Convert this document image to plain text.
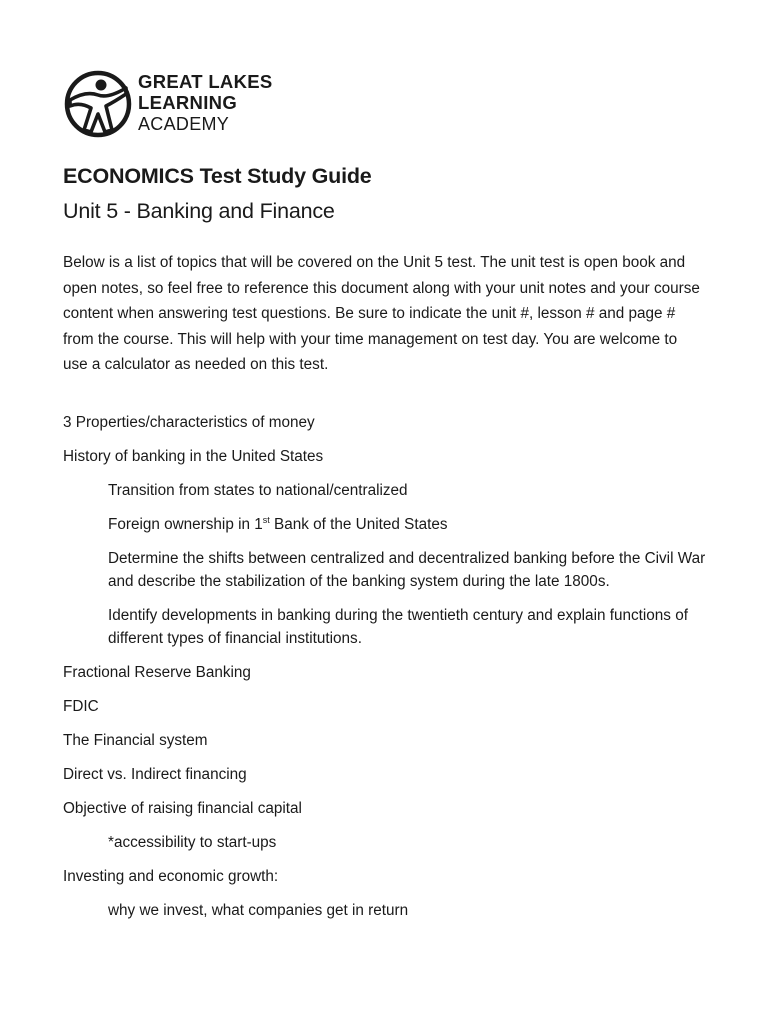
GREAT LAKES
LEARNING
ACADEMY
ECONOMICS Test Study Guide
Unit 5 - Banking and Finance

Below is a list of topics that will be covered on the Unit 5 test. The unit test is open book and open notes, so feel free to reference this document along with your unit notes and your course content when answering test questions. Be sure to indicate the unit #, lesson # and page # from the course. This will help with your time management on test day. You are welcome to use a calculator as needed on this test.

3 Properties/characteristics of money
History of banking in the United States
Transition from states to national/centralized
Foreign ownership in 1st Bank of the United States
Determine the shifts between centralized and decentralized banking before the Civil War and describe the stabilization of the banking system during the late 1800s.
Identify developments in banking during the twentieth century and explain functions of different types of financial institutions.
Fractional Reserve Banking
FDIC
The Financial system
Direct vs. Indirect financing
Objective of raising financial capital
*accessibility to start-ups
Investing and economic growth:
why we invest, what companies get in return
